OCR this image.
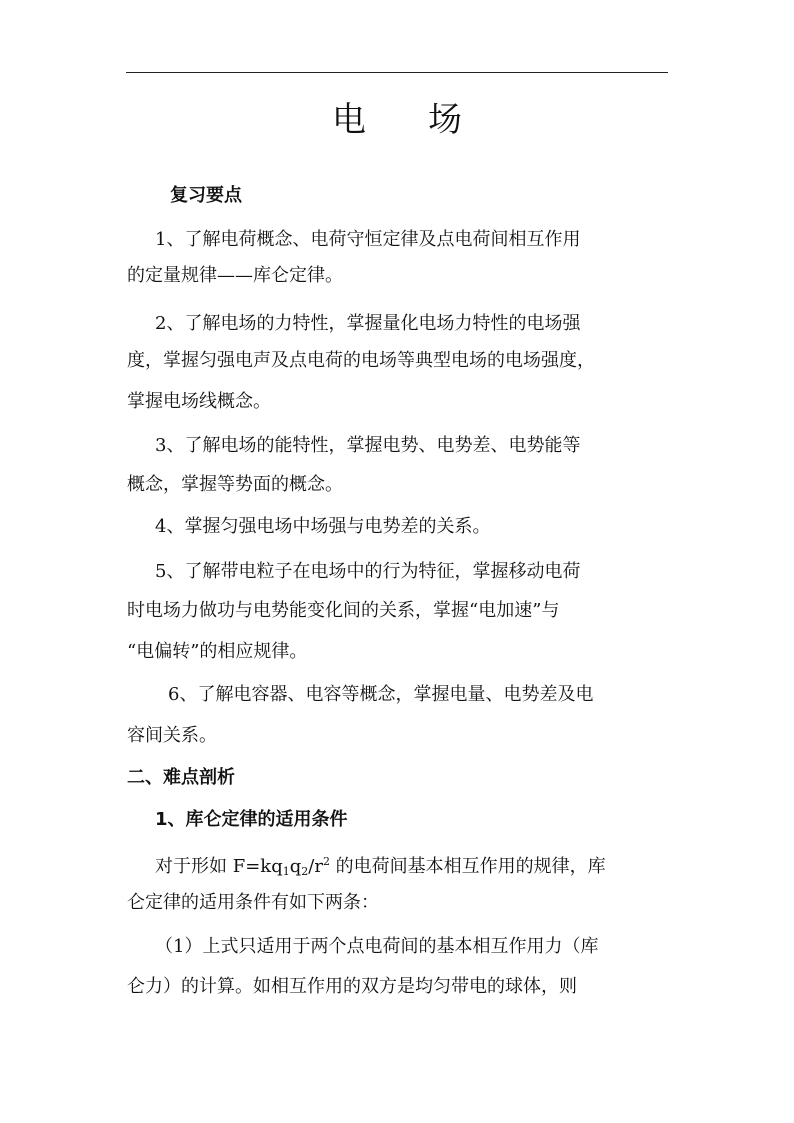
电 场
复习要点
1、了解电荷概念、电荷守恒定律及点电荷间相互作用
的定量规律——库仑定律。
2、了解电场的力特性，掌握量化电场力特性的电场强
度，掌握匀强电声及点电荷的电场等典型电场的电场强度，
掌握电场线概念。
3、了解电场的能特性，掌握电势、电势差、电势能等
概念，掌握等势面的概念。
4、掌握匀强电场中场强与电势差的关系。
5、了解带电粒子在电场中的行为特征，掌握移动电荷
时电场力做功与电势能变化间的关系，掌握“电加速”与
“电偏转”的相应规律。
6、了解电容器、电容等概念，掌握电量、电势差及电
容间关系。
二、难点剖析
1、库仑定律的适用条件
对于形如 $F=kq_1q_2/r^2$ 的电荷间基本相互作用的规律，库
仑定律的适用条件有如下两条：
（1）上式只适用于两个点电荷间的基本相互作用力（库
仑力）的计算。如相互作用的双方是均匀带电的球体，则
